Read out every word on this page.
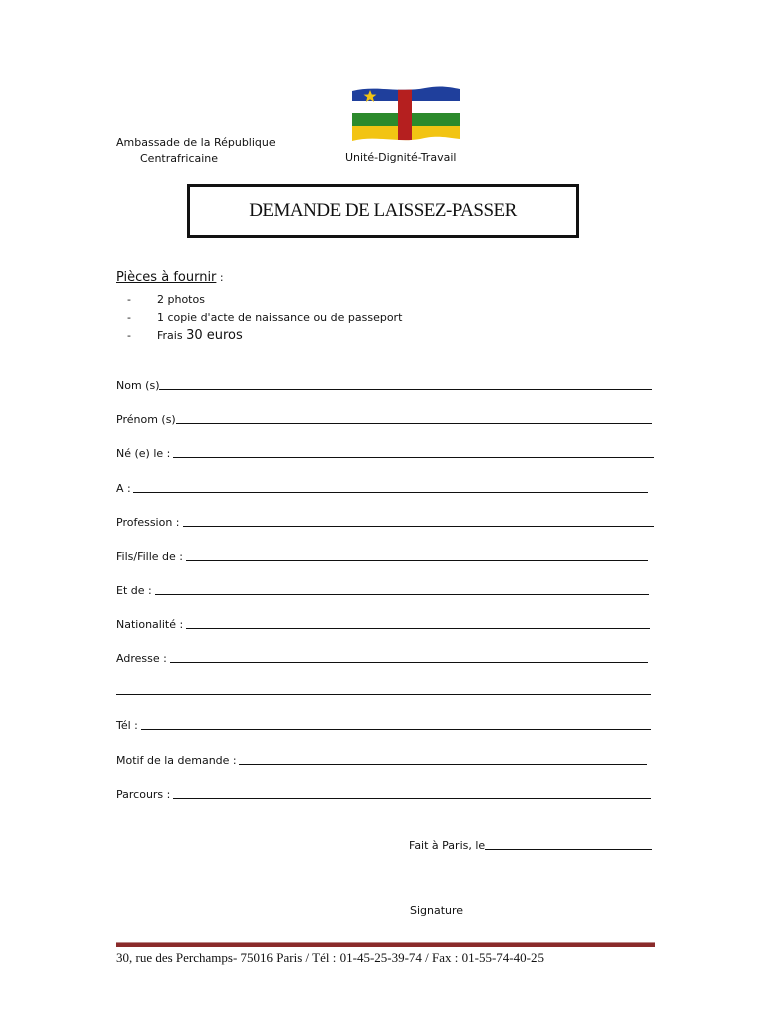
Ambassade de la République
Centrafricaine	Unité-Dignité-Travail
DEMANDE DE LAISSEZ-PASSER
Pièces à fournir :
- 2 photos
- 1 copie d'acte de naissance ou de passeport
- Frais 30 euros
Nom (s)
Prénom (s)
Né (e) le :
A :
Profession :
Fils/Fille de :
Et de :
Nationalité :
Adresse :
Tél :
Motif de la demande :
Parcours :
Fait à Paris, le
Signature
30, rue des Perchamps- 75016 Paris / Tél : 01-45-25-39-74 / Fax : 01-55-74-40-25
